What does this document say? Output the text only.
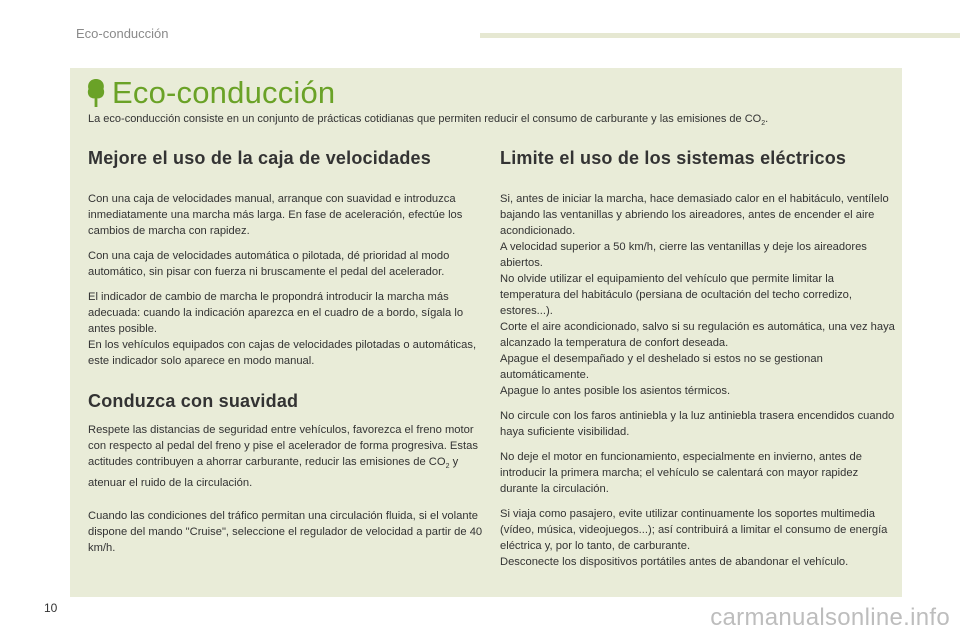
Eco-conducción
Eco-conducción
La eco-conducción consiste en un conjunto de prácticas cotidianas que permiten reducir el consumo de carburante y las emisiones de $CO_2$.
Mejore el uso de la caja de velocidades

Con una caja de velocidades manual, arranque con suavidad e introduzca inmediatamente una marcha más larga. En fase de aceleración, efectúe los cambios de marcha con rapidez.

Con una caja de velocidades automática o pilotada, dé prioridad al modo automático, sin pisar con fuerza ni bruscamente el pedal del acelerador.

El indicador de cambio de marcha le propondrá introducir la marcha más adecuada: cuando la indicación aparezca en el cuadro de a bordo, sígala lo antes posible.

En los vehículos equipados con cajas de velocidades pilotadas o automáticas, este indicador solo aparece en modo manual.

Conduzca con suavidad

Respete las distancias de seguridad entre vehículos, favorezca el freno motor con respecto al pedal del freno y pise el acelerador de forma progresiva. Estas actitudes contribuyen a ahorrar carburante, reducir las emisiones de $CO_2$ y atenuar el ruido de la circulación.

Cuando las condiciones del tráfico permitan una circulación fluida, si el volante dispone del mando "Cruise", seleccione el regulador de velocidad a partir de 40 km/h.

Limite el uso de los sistemas eléctricos

Si, antes de iniciar la marcha, hace demasiado calor en el habitáculo, ventílelo bajando las ventanillas y abriendo los aireadores, antes de encender el aire acondicionado.

A velocidad superior a 50 km/h, cierre las ventanillas y deje los aireadores abiertos.

No olvide utilizar el equipamiento del vehículo que permite limitar la temperatura del habitáculo (persiana de ocultación del techo corredizo, estores...).

Corte el aire acondicionado, salvo si su regulación es automática, una vez haya alcanzado la temperatura de confort deseada.

Apague el desempañado y el deshelado si estos no se gestionan automáticamente.

Apague lo antes posible los asientos térmicos.

No circule con los faros antiniebla y la luz antiniebla trasera encendidos cuando haya suficiente visibilidad.

No deje el motor en funcionamiento, especialmente en invierno, antes de introducir la primera marcha; el vehículo se calentará con mayor rapidez durante la circulación.

Si viaja como pasajero, evite utilizar continuamente los soportes multimedia (vídeo, música, videojuegos...); así contribuirá a limitar el consumo de energía eléctrica y, por lo tanto, de carburante.

Desconecte los dispositivos portátiles antes de abandonar el vehículo.

10	carmanualsonline.info
